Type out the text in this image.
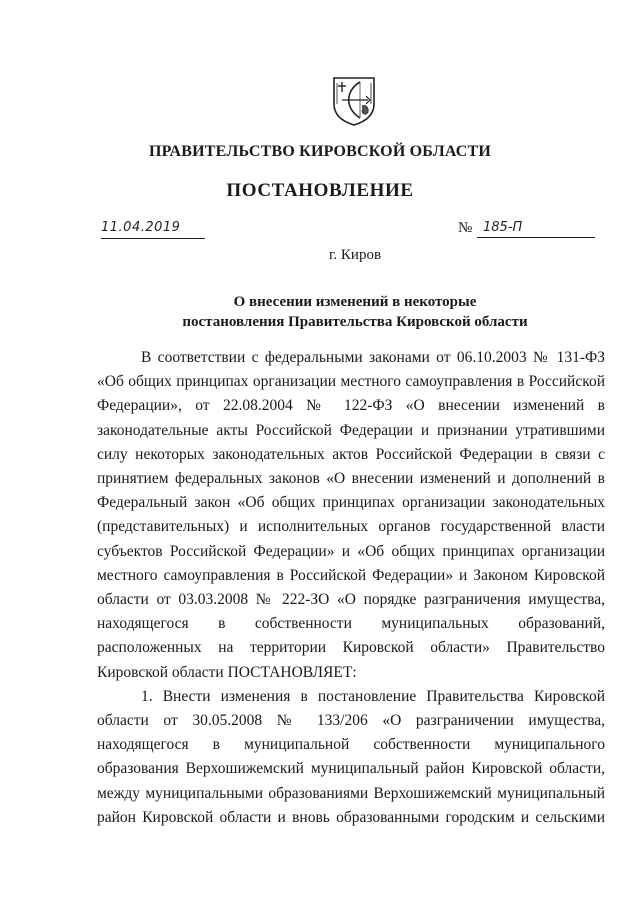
ПРАВИТЕЛЬСТВО КИРОВСКОЙ ОБЛАСТИ
ПОСТАНОВЛЕНИЕ
11.04.2019	№ 185-П
г. Киров
О внесении изменений в некоторые
постановления Правительства Кировской области

В соответствии с федеральными законами от 06.10.2003 № 131-ФЗ «Об общих принципах организации местного самоуправления в Российской Федерации», от 22.08.2004 № 122-ФЗ «О внесении изменений в законодательные акты Российской Федерации и признании утратившими силу некоторых законодательных актов Российской Федерации в связи с принятием федеральных законов «О внесении изменений и дополнений в Федеральный закон «Об общих принципах организации законодательных (представительных) и исполнительных органов государственной власти субъектов Российской Федерации» и «Об общих принципах организации местного самоуправления в Российской Федерации» и Законом Кировской области от 03.03.2008 № 222-ЗО «О порядке разграничения имущества, находящегося в собственности муниципальных образований, расположенных на территории Кировской области» Правительство Кировской области ПОСТАНОВЛЯЕТ:

1. Внести изменения в постановление Правительства Кировской области от 30.05.2008 № 133/206 «О разграничении имущества, находящегося в муниципальной собственности муниципального образования Верхошижемский муниципальный район Кировской области, между муниципальными образованиями Верхошижемский муниципальный район Кировской области и вновь образованными городским и сельскими
